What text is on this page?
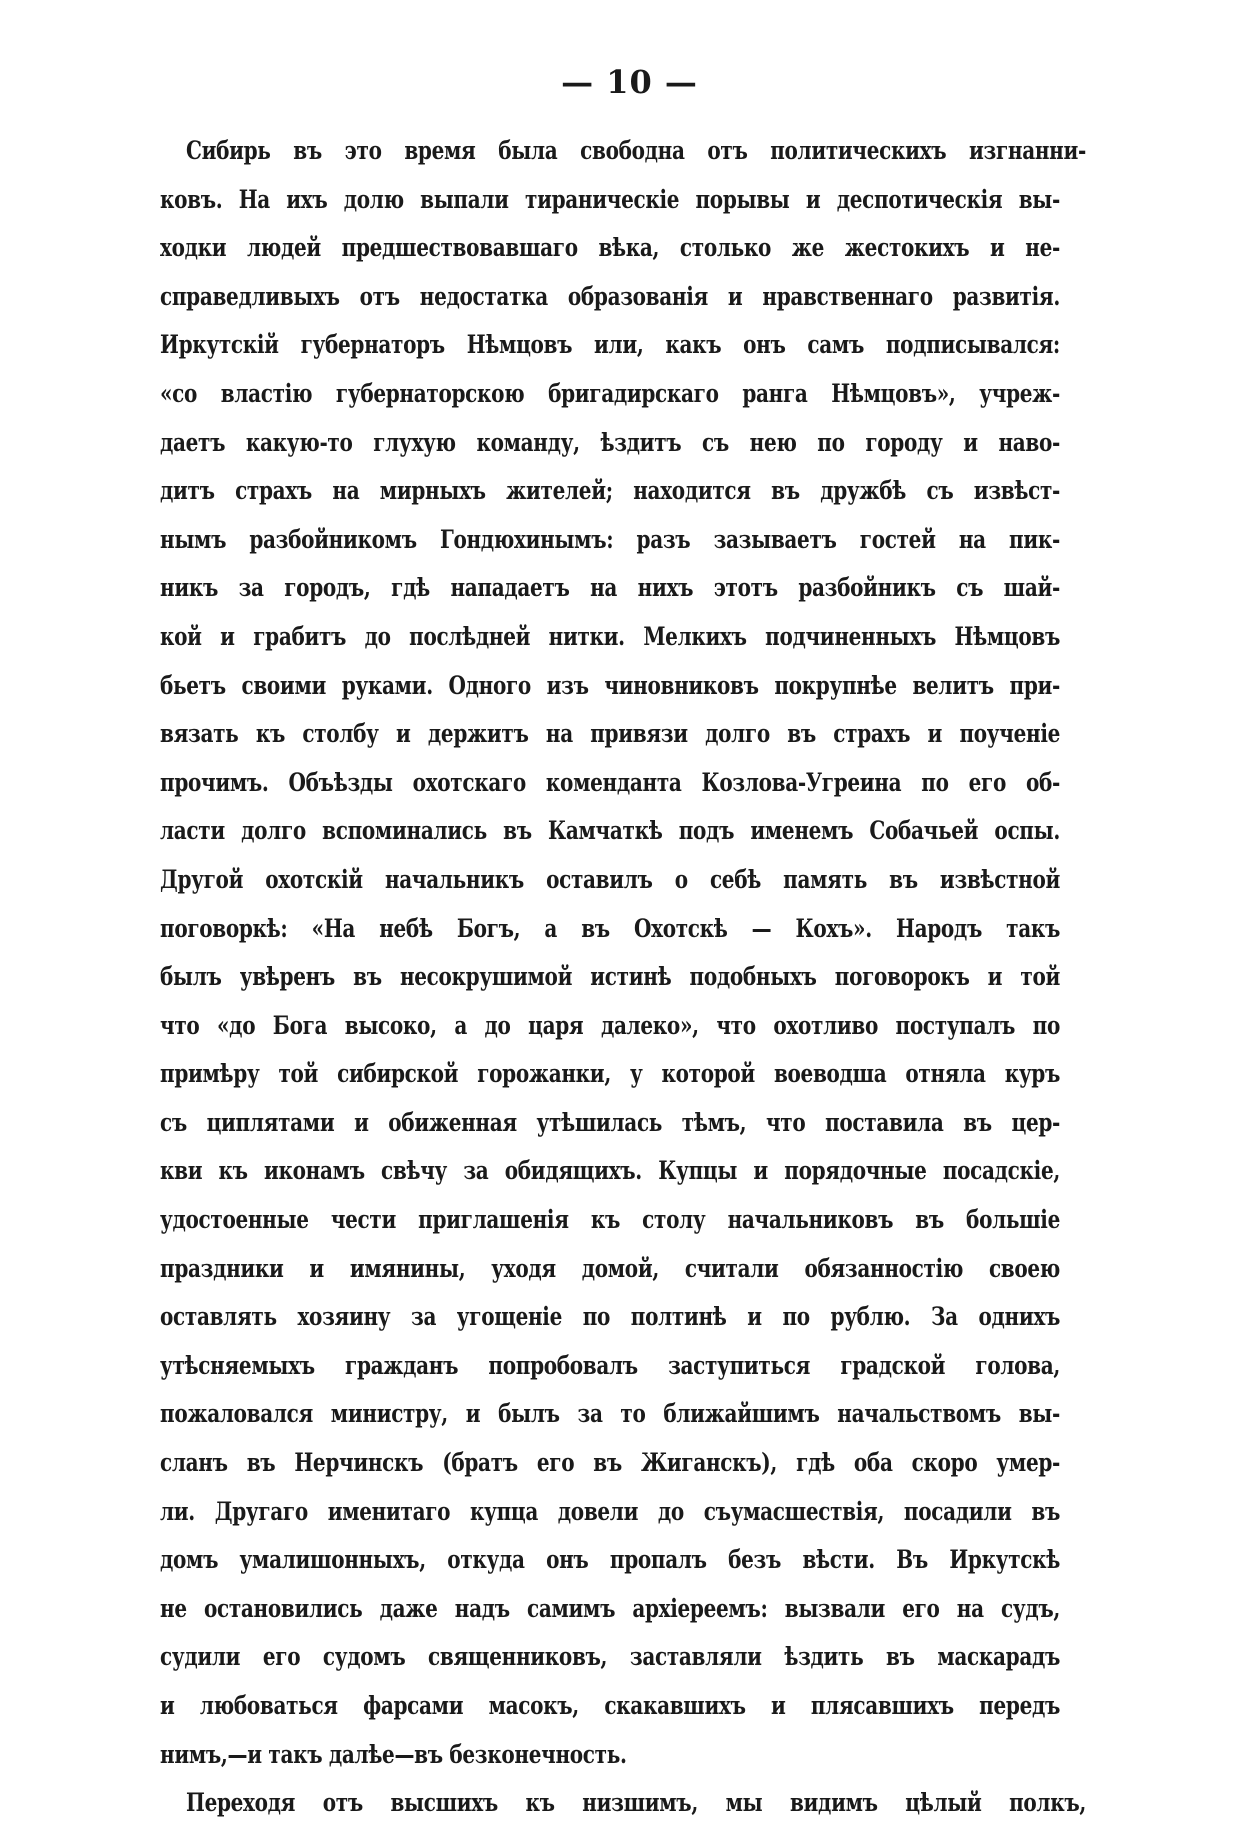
— 10 —
Сибирь въ это время была свободна отъ политическихъ изгнанни-
ковъ. На ихъ долю выпали тираническіе порывы и деспотическія вы-
ходки людей предшествовавшаго вѣка, столько же жестокихъ и не-
справедливыхъ отъ недостатка образованія и нравственнаго развитія.
Иркутскій губернаторъ Нѣмцовъ или, какъ онъ самъ подписывался:
«со властію губернаторскою бригадирскаго ранга Нѣмцовъ», учреж-
даетъ какую-то глухую команду, ѣздитъ съ нею по городу и наво-
дитъ страхъ на мирныхъ жителей; находится въ дружбѣ съ извѣст-
нымъ разбойникомъ Гондюхинымъ: разъ зазываетъ гостей на пик-
никъ за городъ, гдѣ нападаетъ на нихъ этотъ разбойникъ съ шай-
кой и грабитъ до послѣдней нитки. Мелкихъ подчиненныхъ Нѣмцовъ
бьетъ своими руками. Одного изъ чиновниковъ покрупнѣе велитъ при-
вязать къ столбу и держитъ на привязи долго въ страхъ и поученіе
прочимъ. Объѣзды охотскаго коменданта Козлова-Угреина по его об-
ласти долго вспоминались въ Камчаткѣ подъ именемъ Собачьей оспы.
Другой охотскій начальникъ оставилъ о себѣ память въ извѣстной
поговоркѣ: «На небѣ Богъ, а въ Охотскѣ — Кохъ». Народъ такъ
былъ увѣренъ въ несокрушимой истинѣ подобныхъ поговорокъ и той
что «до Бога высоко, а до царя далеко», что охотливо поступалъ по
примѣру той сибирской горожанки, у которой воеводша отняла куръ
съ циплятами и обиженная утѣшилась тѣмъ, что поставила въ цер-
кви къ иконамъ свѣчу за обидящихъ. Купцы и порядочные посадскіе,
удостоенные чести приглашенія къ столу начальниковъ въ большіе
праздники и имянины, уходя домой, считали обязанностію своею
оставлять хозяину за угощеніе по полтинѣ и по рублю. За однихъ
утѣсняемыхъ гражданъ попробовалъ заступиться градской голова,
пожаловался министру, и былъ за то ближайшимъ начальствомъ вы-
сланъ въ Нерчинскъ (братъ его въ Жиганскъ), гдѣ оба скоро умер-
ли. Другаго именитаго купца довели до съумасшествія, посадили въ
домъ умалишонныхъ, откуда онъ пропалъ безъ вѣсти. Въ Иркутскѣ
не остановились даже надъ самимъ архіереемъ: вызвали его на судъ,
судили его судомъ священниковъ, заставляли ѣздить въ маскарадъ
и любоваться фарсами масокъ, скакавшихъ и плясавшихъ передъ
нимъ,—и такъ далѣе—въ безконечность.
Переходя отъ высшихъ къ низшимъ, мы видимъ цѣлый полкъ,
